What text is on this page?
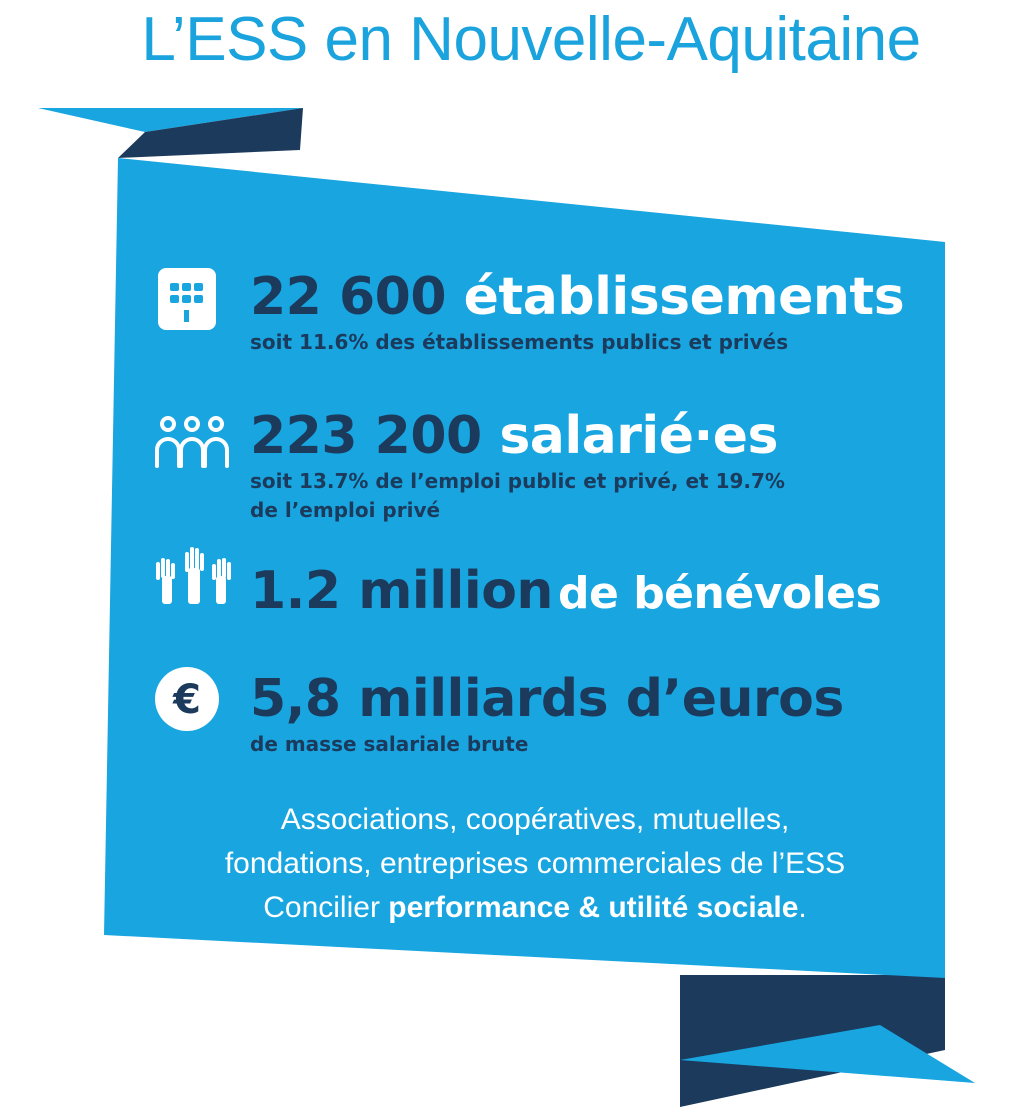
L’ESS en Nouvelle-Aquitaine
22 600 établissements
soit 11.6% des établissements publics et privés
223 200 salarié·es
soit 13.7% de l’emploi public et privé, et 19.7%
de l’emploi privé
1.2 million de bénévoles
€ 5,8 milliards d’euros
de masse salariale brute
Associations, coopératives, mutuelles,
fondations, entreprises commerciales de l’ESS
Concilier performance & utilité sociale.
